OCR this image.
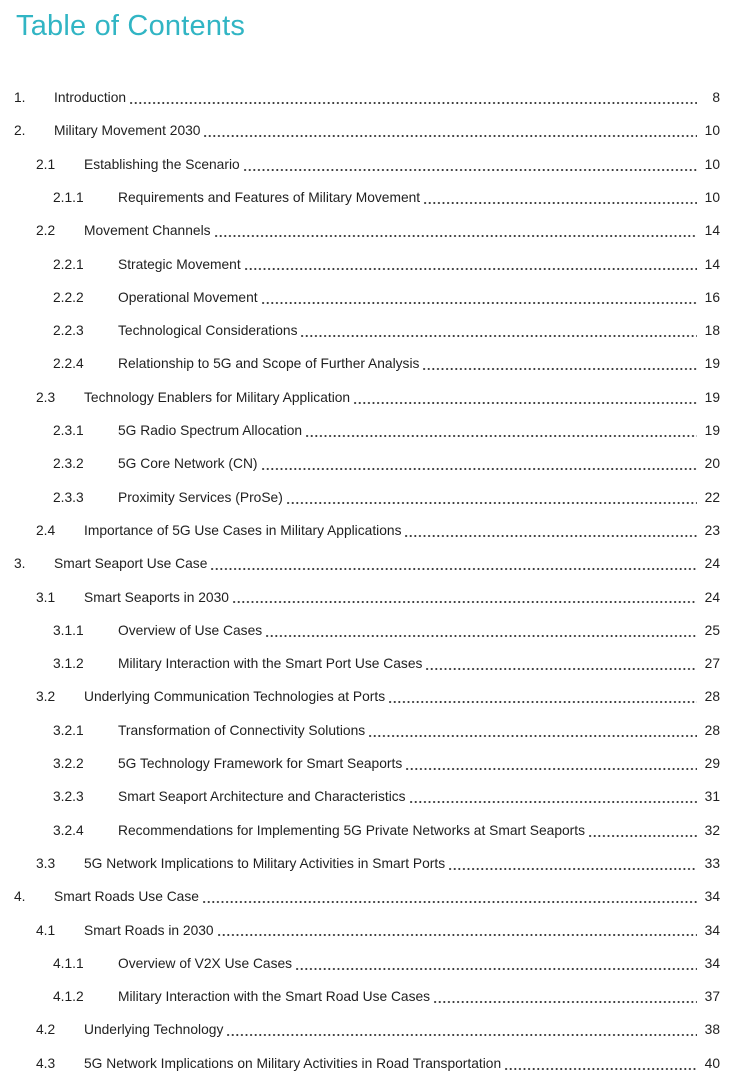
Table of Contents
1.	Introduction	8
2.	Military Movement 2030	10
2.1	Establishing the Scenario	10
2.1.1	Requirements and Features of Military Movement	10
2.2	Movement Channels	14
2.2.1	Strategic Movement	14
2.2.2	Operational Movement	16
2.2.3	Technological Considerations	18
2.2.4	Relationship to 5G and Scope of Further Analysis	19
2.3	Technology Enablers for Military Application	19
2.3.1	5G Radio Spectrum Allocation	19
2.3.2	5G Core Network (CN)	20
2.3.3	Proximity Services (ProSe)	22
2.4	Importance of 5G Use Cases in Military Applications	23
3.	Smart Seaport Use Case	24
3.1	Smart Seaports in 2030	24
3.1.1	Overview of Use Cases	25
3.1.2	Military Interaction with the Smart Port Use Cases	27
3.2	Underlying Communication Technologies at Ports	28
3.2.1	Transformation of Connectivity Solutions	28
3.2.2	5G Technology Framework for Smart Seaports	29
3.2.3	Smart Seaport Architecture and Characteristics	31
3.2.4	Recommendations for Implementing 5G Private Networks at Smart Seaports	32
3.3	5G Network Implications to Military Activities in Smart Ports	33
4.	Smart Roads Use Case	34
4.1	Smart Roads in 2030	34
4.1.1	Overview of V2X Use Cases	34
4.1.2	Military Interaction with the Smart Road Use Cases	37
4.2	Underlying Technology	38
4.3	5G Network Implications on Military Activities in Road Transportation	40
